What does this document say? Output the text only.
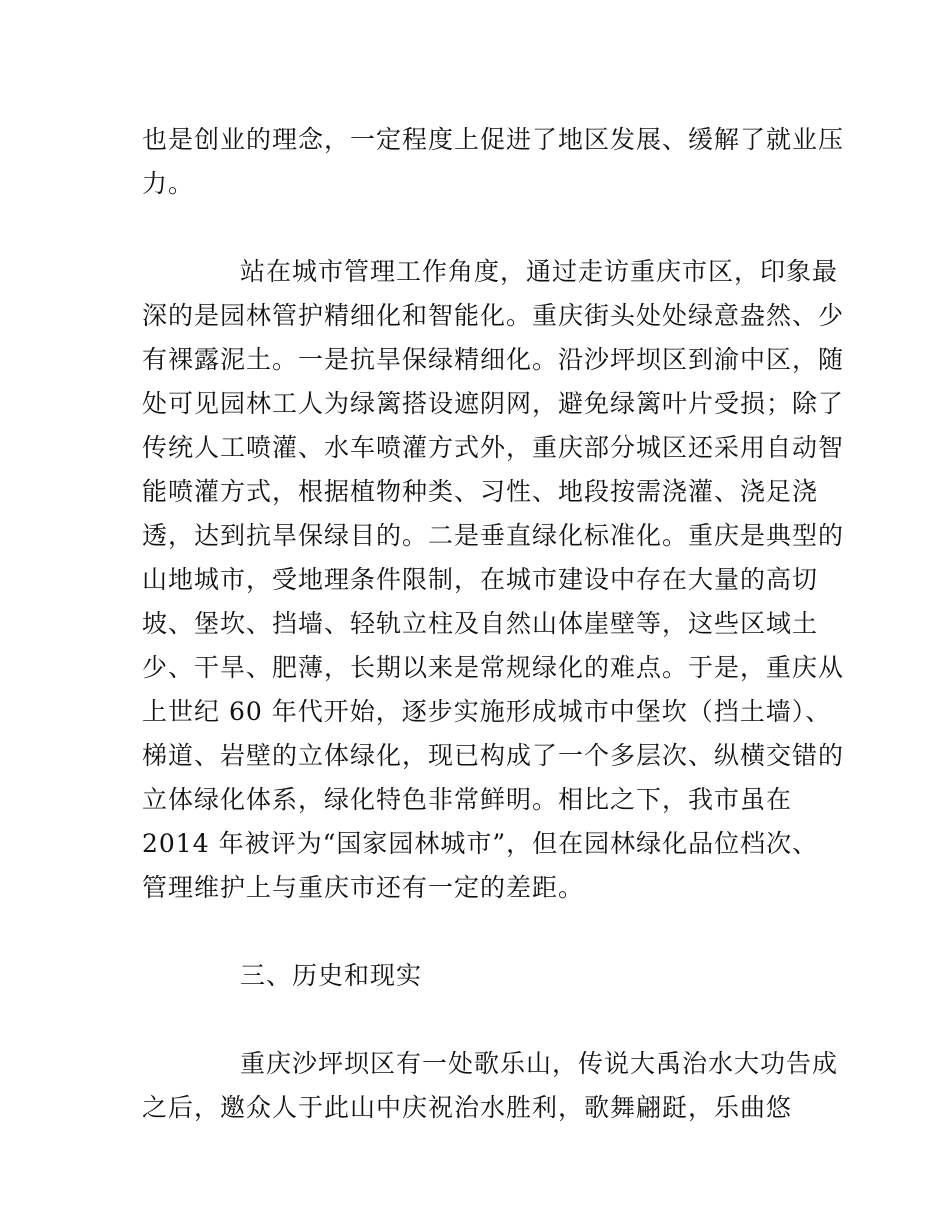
也是创业的理念，一定程度上促进了地区发展、缓解了就业压
力。
站在城市管理工作角度，通过走访重庆市区，印象最
深的是园林管护精细化和智能化。重庆街头处处绿意盎然、少
有裸露泥土。一是抗旱保绿精细化。沿沙坪坝区到渝中区，随
处可见园林工人为绿篱搭设遮阴网，避免绿篱叶片受损；除了
传统人工喷灌、水车喷灌方式外，重庆部分城区还采用自动智
能喷灌方式，根据植物种类、习性、地段按需浇灌、浇足浇
透，达到抗旱保绿目的。二是垂直绿化标准化。重庆是典型的
山地城市，受地理条件限制，在城市建设中存在大量的高切
坡、堡坎、挡墙、轻轨立柱及自然山体崖壁等，这些区域土
少、干旱、肥薄，长期以来是常规绿化的难点。于是，重庆从
上世纪 60 年代开始，逐步实施形成城市中堡坎（挡土墙）、
梯道、岩壁的立体绿化，现已构成了一个多层次、纵横交错的
立体绿化体系，绿化特色非常鲜明。相比之下，我市虽在
2014 年被评为“国家园林城市”，但在园林绿化品位档次、
管理维护上与重庆市还有一定的差距。
三、历史和现实
重庆沙坪坝区有一处歌乐山，传说大禹治水大功告成
之后，邀众人于此山中庆祝治水胜利，歌舞翩跹，乐曲悠
